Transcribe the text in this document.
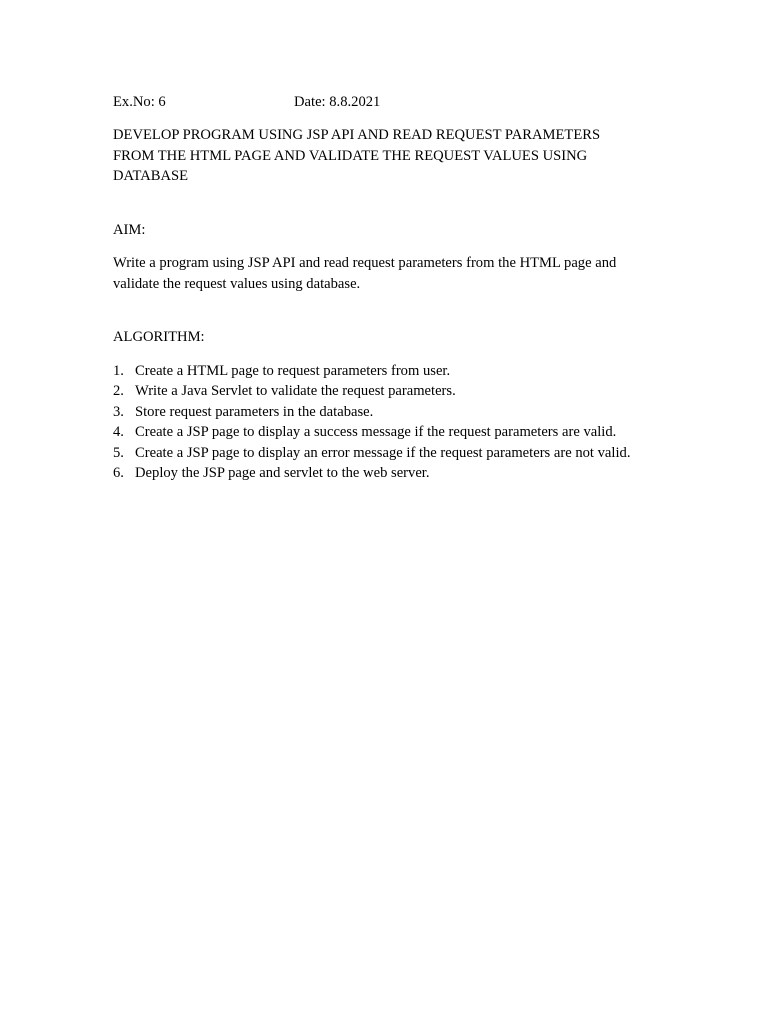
Ex.No: 6	Date: 8.8.2021
DEVELOP PROGRAM USING JSP API AND READ REQUEST PARAMETERS
FROM THE HTML PAGE AND VALIDATE THE REQUEST VALUES USING
DATABASE
AIM:
Write a program using JSP API and read request parameters from the HTML page and
validate the request values using database.
ALGORITHM:
1. Create a HTML page to request parameters from user.
2. Write a Java Servlet to validate the request parameters.
3. Store request parameters in the database.
4. Create a JSP page to display a success message if the request parameters are valid.
5. Create a JSP page to display an error message if the request parameters are not valid.
6. Deploy the JSP page and servlet to the web server.
